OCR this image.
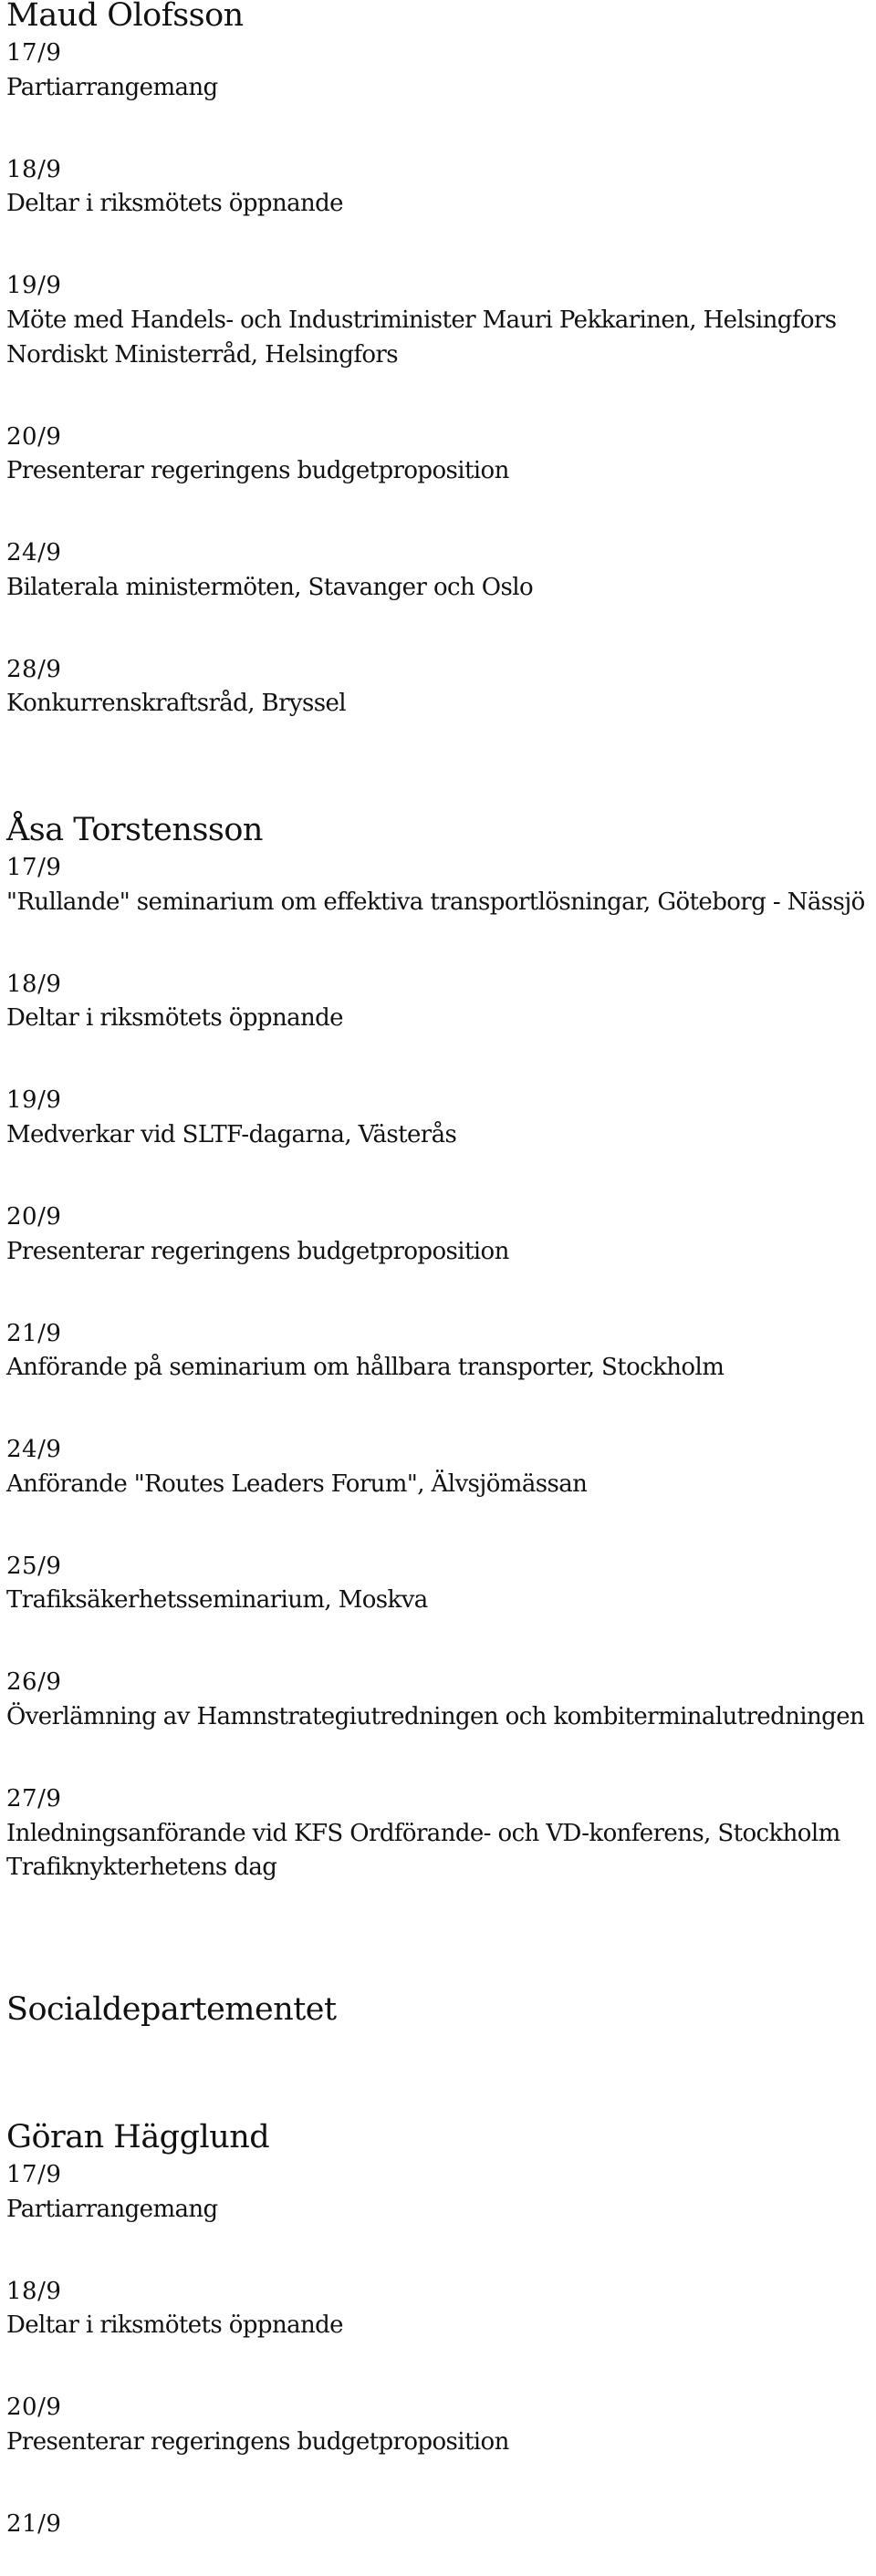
Maud Olofsson
17/9
Partiarrangemang
18/9
Deltar i riksmötets öppnande
19/9
Möte med Handels- och Industriminister Mauri Pekkarinen, Helsingfors
Nordiskt Ministerråd, Helsingfors
20/9
Presenterar regeringens budgetproposition
24/9
Bilaterala ministermöten, Stavanger och Oslo
28/9
Konkurrenskraftsråd, Bryssel
Åsa Torstensson
17/9
"Rullande" seminarium om effektiva transportlösningar, Göteborg - Nässjö
18/9
Deltar i riksmötets öppnande
19/9
Medverkar vid SLTF-dagarna, Västerås
20/9
Presenterar regeringens budgetproposition
21/9
Anförande på seminarium om hållbara transporter, Stockholm
24/9
Anförande "Routes Leaders Forum", Älvsjömässan
25/9
Trafiksäkerhetsseminarium, Moskva
26/9
Överlämning av Hamnstrategiutredningen och kombiterminalutredningen
27/9
Inledningsanförande vid KFS Ordförande- och VD-konferens, Stockholm
Trafiknykterhetens dag
Socialdepartementet
Göran Hägglund
17/9
Partiarrangemang
18/9
Deltar i riksmötets öppnande
20/9
Presenterar regeringens budgetproposition
21/9
